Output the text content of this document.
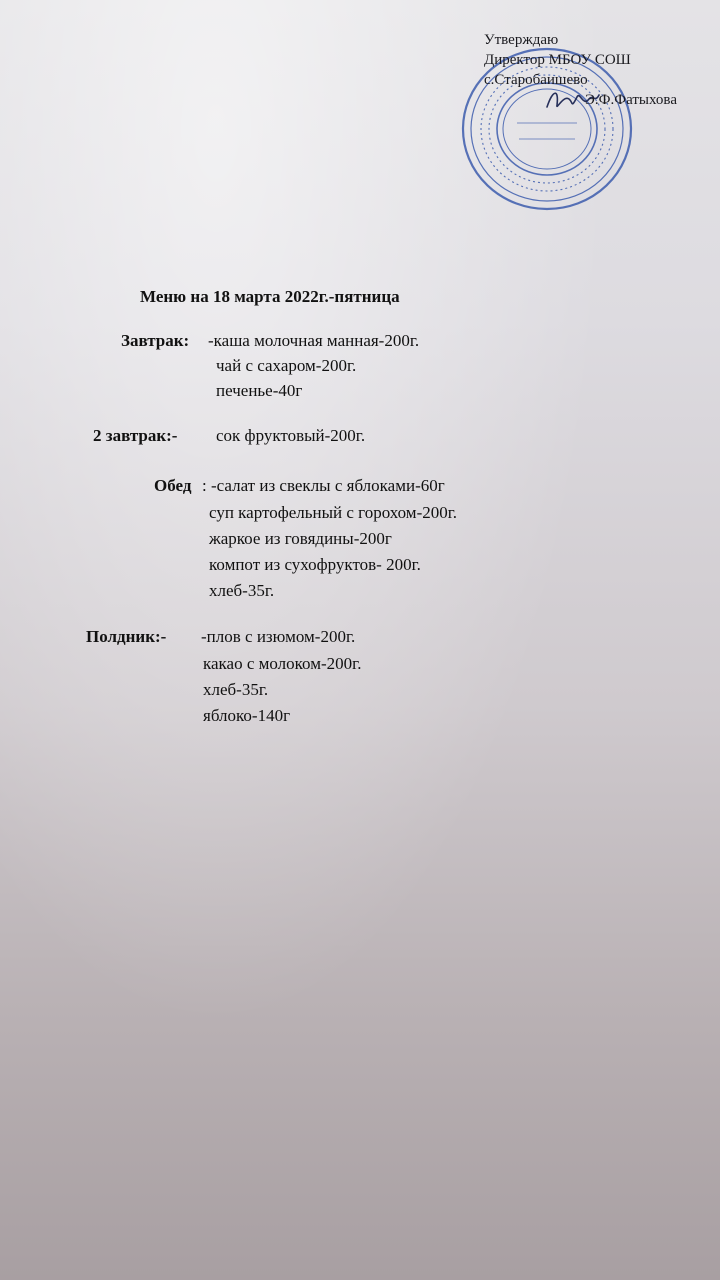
Утверждаю
Директор МБОУ СОШ
с.Старобаишево
Э.Ф.Фатыхова
Меню на 18 марта 2022г.-пятница
Завтрак: -каша молочная манная-200г.
чай с сахаром-200г.
печенье-40г
2 завтрак:- сок фруктовый-200г.
Обед : -салат из свеклы с яблоками-60г
суп картофельный с горохом-200г.
жаркое из говядины-200г
компот из сухофруктов- 200г.
хлеб-35г.
Полдник:- -плов с изюмом-200г.
какао с молоком-200г.
хлеб-35г.
яблоко-140г
